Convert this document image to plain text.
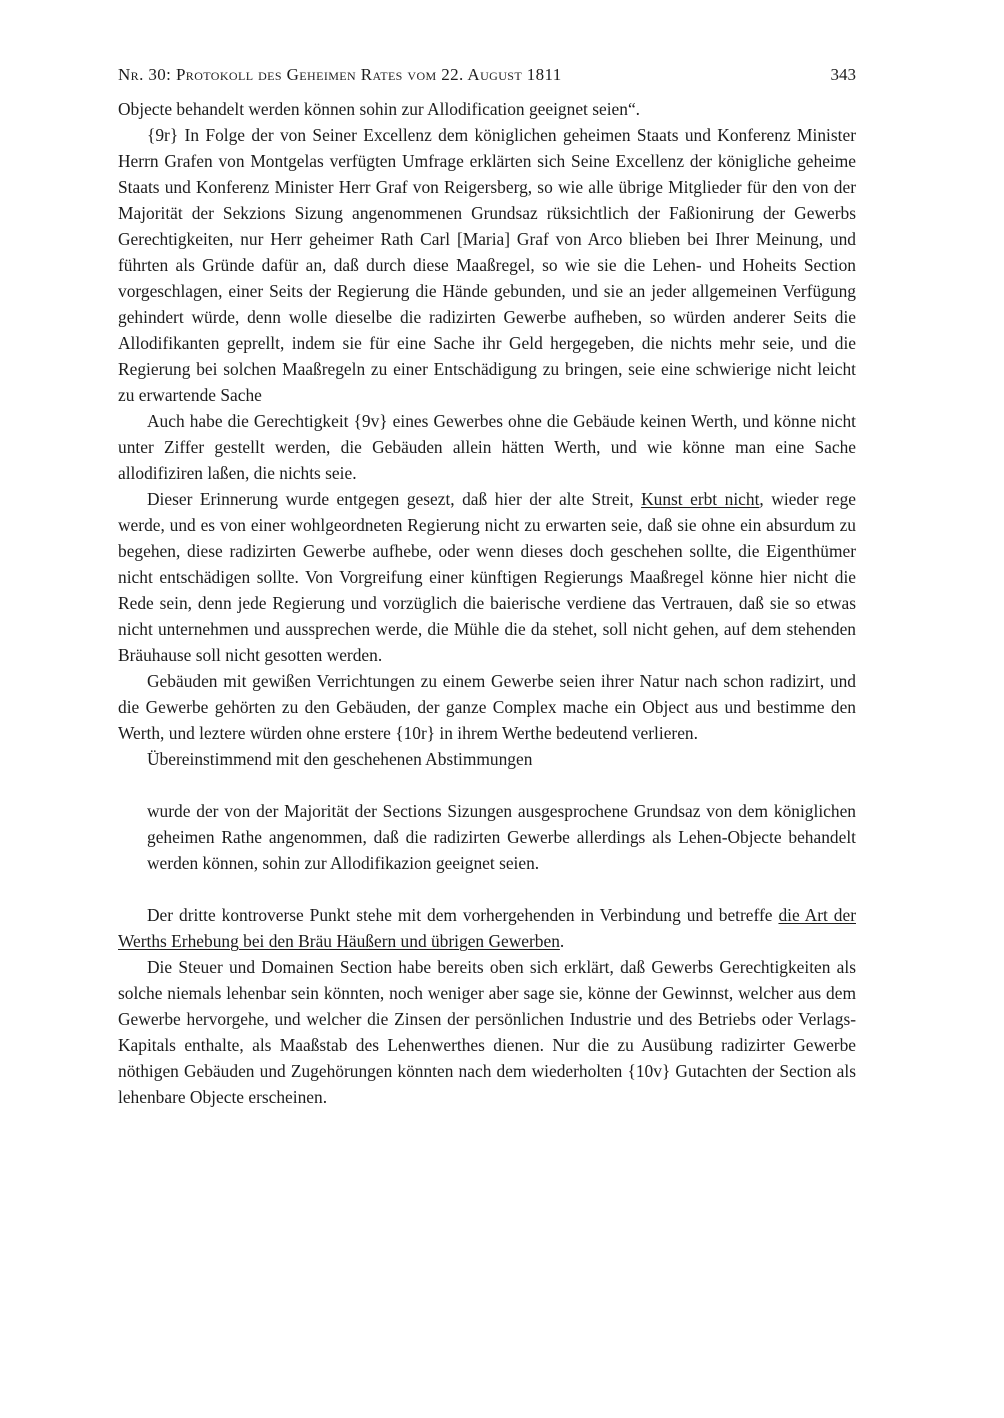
Nr. 30: Protokoll des Geheimen Rates vom 22. August 1811	343

Objecte behandelt werden können sohin zur Allodification geeignet seien“.

{9r} In Folge der von Seiner Excellenz dem königlichen geheimen Staats und Konferenz Minister Herrn Grafen von Montgelas verfügten Umfrage erklärten sich Seine Excellenz der königliche geheime Staats und Konferenz Minister Herr Graf von Reigersberg, so wie alle übrige Mitglieder für den von der Majorität der Sekzions Sizung angenommenen Grundsaz rüksichtlich der Faßionirung der Gewerbs Gerechtigkeiten, nur Herr geheimer Rath Carl [Maria] Graf von Arco blieben bei Ihrer Meinung, und führten als Gründe dafür an, daß durch diese Maaßregel, so wie sie die Lehen- und Hoheits Section vorgeschlagen, einer Seits der Regierung die Hände gebunden, und sie an jeder allgemeinen Verfügung gehindert würde, denn wolle dieselbe die radizirten Gewerbe aufheben, so würden anderer Seits die Allodifikanten geprellt, indem sie für eine Sache ihr Geld hergegeben, die nichts mehr seie, und die Regierung bei solchen Maaßregeln zu einer Entschädigung zu bringen, seie eine schwierige nicht leicht zu erwartende Sache

Auch habe die Gerechtigkeit {9v} eines Gewerbes ohne die Gebäude keinen Werth, und könne nicht unter Ziffer gestellt werden, die Gebäuden allein hätten Werth, und wie könne man eine Sache allodifiziren laßen, die nichts seie.

Dieser Erinnerung wurde entgegen gesezt, daß hier der alte Streit, Kunst erbt nicht, wieder rege werde, und es von einer wohlgeordneten Regierung nicht zu erwarten seie, daß sie ohne ein absurdum zu begehen, diese radizirten Gewerbe aufhebe, oder wenn dieses doch geschehen sollte, die Eigenthümer nicht entschädigen sollte. Von Vorgreifung einer künftigen Regierungs Maaßregel könne hier nicht die Rede sein, denn jede Regierung und vorzüglich die baierische verdiene das Vertrauen, daß sie so etwas nicht unternehmen und aussprechen werde, die Mühle die da stehet, soll nicht gehen, auf dem stehenden Bräuhause soll nicht gesotten werden.

Gebäuden mit gewißen Verrichtungen zu einem Gewerbe seien ihrer Natur nach schon radizirt, und die Gewerbe gehörten zu den Gebäuden, der ganze Complex mache ein Object aus und bestimme den Werth, und leztere würden ohne erstere {10r} in ihrem Werthe bedeutend verlieren.

Übereinstimmend mit den geschehenen Abstimmungen

wurde der von der Majorität der Sections Sizungen ausgesprochene Grundsaz von dem königlichen geheimen Rathe angenommen, daß die radizirten Gewerbe allerdings als Lehen-Objecte behandelt werden können, sohin zur Allodifikazion geeignet seien.

Der dritte kontroverse Punkt stehe mit dem vorhergehenden in Verbindung und betreffe die Art der Werths Erhebung bei den Bräu Häußern und übrigen Gewerben.

Die Steuer und Domainen Section habe bereits oben sich erklärt, daß Gewerbs Gerechtigkeiten als solche niemals lehenbar sein könnten, noch weniger aber sage sie, könne der Gewinnst, welcher aus dem Gewerbe hervorgehe, und welcher die Zinsen der persönlichen Industrie und des Betriebs oder Verlags-Kapitals enthalte, als Maaßstab des Lehenwerthes dienen. Nur die zu Ausübung radizirter Gewerbe nöthigen Gebäuden und Zugehörungen könnten nach dem wiederholten {10v} Gutachten der Section als lehenbare Objecte erscheinen.
